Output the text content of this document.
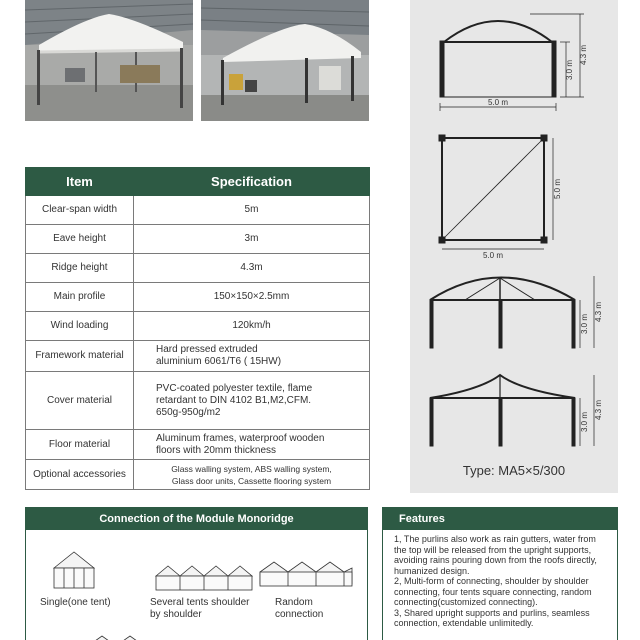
5.0 m
3.0 m
4.3 m
5.0 m
5.0 m
3.0 m
4.3 m
3.0 m
4.3 m
Type: MA5×5/300
Item	Specification
Clear-span width	5m
Eave height	3m
Ridge height	4.3m
Main profile	150×150×2.5mm
Wind loading	120km/h
Framework material	Hard pressed extruded
aluminium 6061/T6 ( 15HW)
Cover material	PVC-coated polyester textile, flame
retardant to DIN 4102 B1,M2,CFM.
650g-950g/m2
Floor material	Aluminum frames, waterproof wooden
floors with 20mm thickness
Optional accessories	Glass walling system, ABS walling system,
Glass door units, Cassette flooring system
Connection of the Module Monoridge
Single(one tent)	Several tents shoulder
by shoulder
Random
connection
Features
1, The purlins also work as rain gutters, water from the top will be released from the upright supports, avoiding rains pouring down from the roofs directly, humanized design.
2, Multi-form of connecting, shoulder by shoulder connecting, four tents square connecting, random connecting(customized connecting).
3, Shared upright supports and purlins, seamless connection, extendable unlimitedly.
